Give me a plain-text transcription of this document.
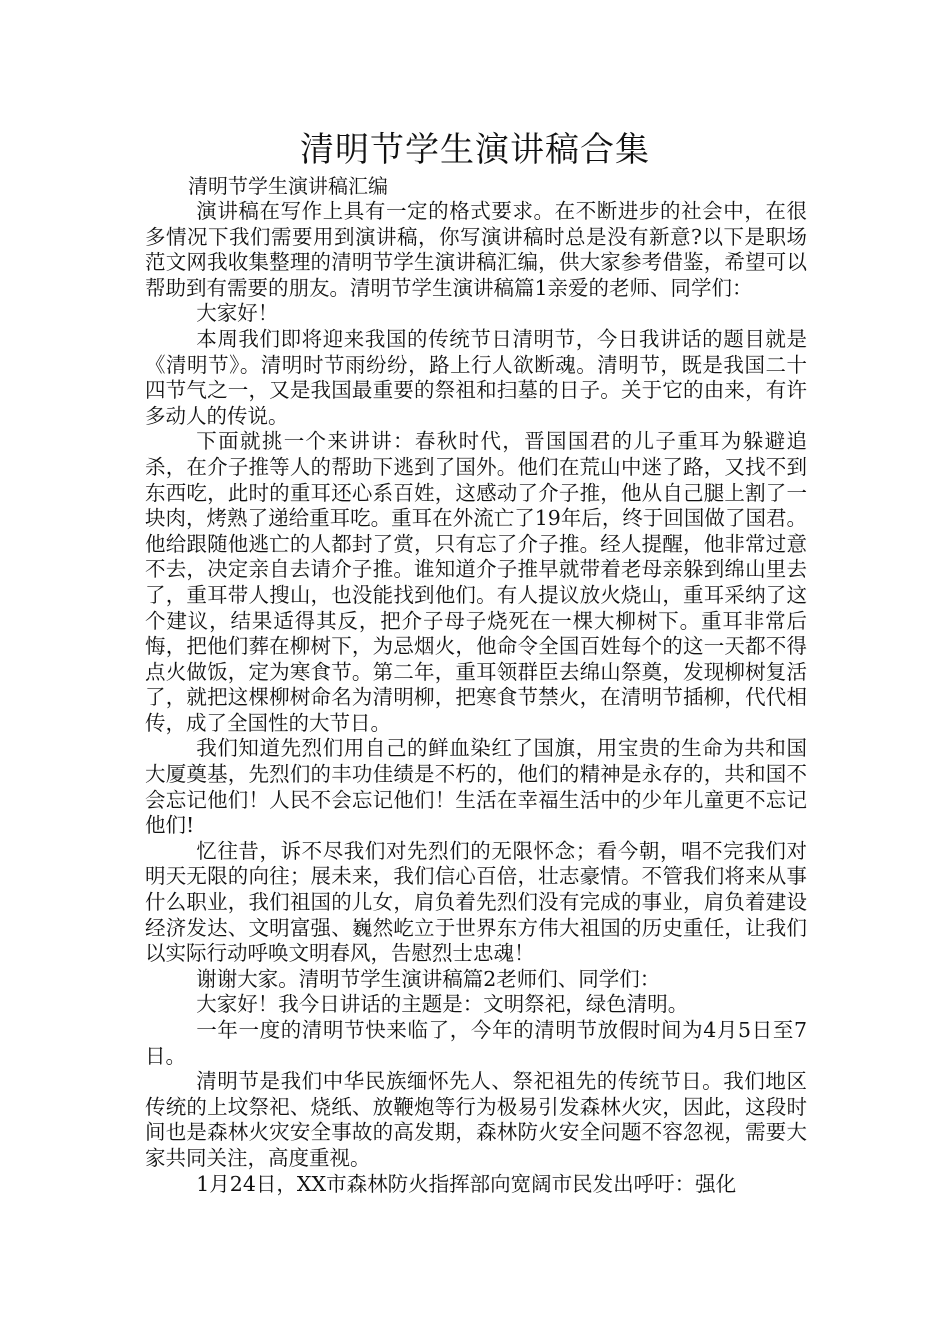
清明节学生演讲稿合集
清明节学生演讲稿汇编

演讲稿在写作上具有一定的格式要求。在不断进步的社会中，在很多情况下我们需要用到演讲稿，你写演讲稿时总是没有新意?以下是职场范文网我收集整理的清明节学生演讲稿汇编，供大家参考借鉴，希望可以帮助到有需要的朋友。清明节学生演讲稿篇1亲爱的老师、同学们：

大家好！

本周我们即将迎来我国的传统节日清明节，今日我讲话的题目就是《清明节》。清明时节雨纷纷，路上行人欲断魂。清明节，既是我国二十四节气之一，又是我国最重要的祭祖和扫墓的日子。关于它的由来，有许多动人的传说。

下面就挑一个来讲讲：春秋时代，晋国国君的儿子重耳为躲避追杀，在介子推等人的帮助下逃到了国外。他们在荒山中迷了路，又找不到东西吃，此时的重耳还心系百姓，这感动了介子推，他从自己腿上割了一块肉，烤熟了递给重耳吃。重耳在外流亡了19年后，终于回国做了国君。他给跟随他逃亡的人都封了赏，只有忘了介子推。经人提醒，他非常过意不去，决定亲自去请介子推。谁知道介子推早就带着老母亲躲到绵山里去了，重耳带人搜山，也没能找到他们。有人提议放火烧山，重耳采纳了这个建议，结果适得其反，把介子母子烧死在一棵大柳树下。重耳非常后悔，把他们葬在柳树下，为忌烟火，他命令全国百姓每个的这一天都不得点火做饭，定为寒食节。第二年，重耳领群臣去绵山祭奠，发现柳树复活了，就把这棵柳树命名为清明柳，把寒食节禁火，在清明节插柳，代代相传，成了全国性的大节日。

我们知道先烈们用自己的鲜血染红了国旗，用宝贵的生命为共和国大厦奠基，先烈们的丰功佳绩是不朽的，他们的精神是永存的，共和国不会忘记他们！人民不会忘记他们！生活在幸福生活中的少年儿童更不忘记他们!

忆往昔，诉不尽我们对先烈们的无限怀念；看今朝，唱不完我们对明天无限的向往；展未来，我们信心百倍，壮志豪情。不管我们将来从事什么职业，我们祖国的儿女，肩负着先烈们没有完成的事业，肩负着建设经济发达、文明富强、巍然屹立于世界东方伟大祖国的历史重任，让我们以实际行动呼唤文明春风，告慰烈士忠魂！

谢谢大家。清明节学生演讲稿篇2老师们、同学们：

大家好！我今日讲话的主题是：文明祭祀，绿色清明。

一年一度的清明节快来临了，今年的清明节放假时间为4月5日至7日。

清明节是我们中华民族缅怀先人、祭祀祖先的传统节日。我们地区传统的上坟祭祀、烧纸、放鞭炮等行为极易引发森林火灾，因此，这段时间也是森林火灾安全事故的高发期，森林防火安全问题不容忽视，需要大家共同关注，高度重视。

1月24日，XX市森林防火指挥部向宽阔市民发出呼吁：强化
